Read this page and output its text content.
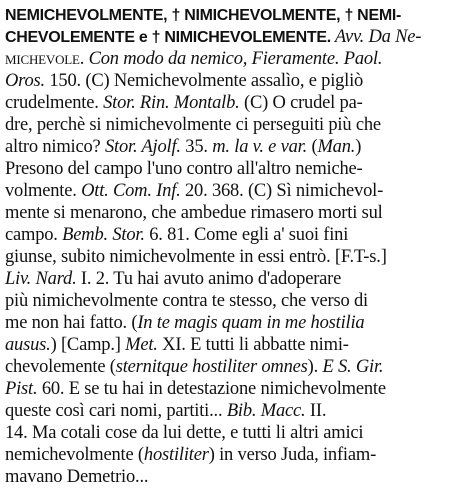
NEMICHEVOLMENTE, † NIMICHEVOLMENTE, † NEMI-
CHEVOLEMENTE e † NIMICHEVOLEMENTE. Avv. Da Ne-
michevole. Con modo da nemico, Fieramente. Paol.
Oros. 150. (C) Nemichevolmente assalìo, e pigliò
crudelmente. Stor. Rin. Montalb. (C) O crudel pa-
dre, perchè si nimichevolmente ci perseguiti più che
altro nimico? Stor. Ajolf. 35. m. la v. e var. (Man.)
Presono del campo l'uno contro all'altro nemiche-
volmente. Ott. Com. Inf. 20. 368. (C) Sì nimichevol-
mente si menarono, che ambedue rimasero morti sul
campo. Bemb. Stor. 6. 81. Come egli a' suoi fini
giunse, subito nimichevolmente in essi entrò. [F.T-s.]
Liv. Nard. I. 2. Tu hai avuto animo d'adoperare
più nimichevolmente contra te stesso, che verso di
me non hai fatto. (In te magis quam in me hostilia
ausus.) [Camp.] Met. XI. E tutti li abbatte nimi-
chevolemente (sternitque hostiliter omnes). E S. Gir.
Pist. 60. E se tu hai in detestazione nimichevolmente
queste così cari nomi, partiti... Bib. Macc. II.
14. Ma cotali cose da lui dette, e tutti li altri amici
nemichevolmente (hostiliter) in verso Juda, infiam-
mavano Demetrio...
